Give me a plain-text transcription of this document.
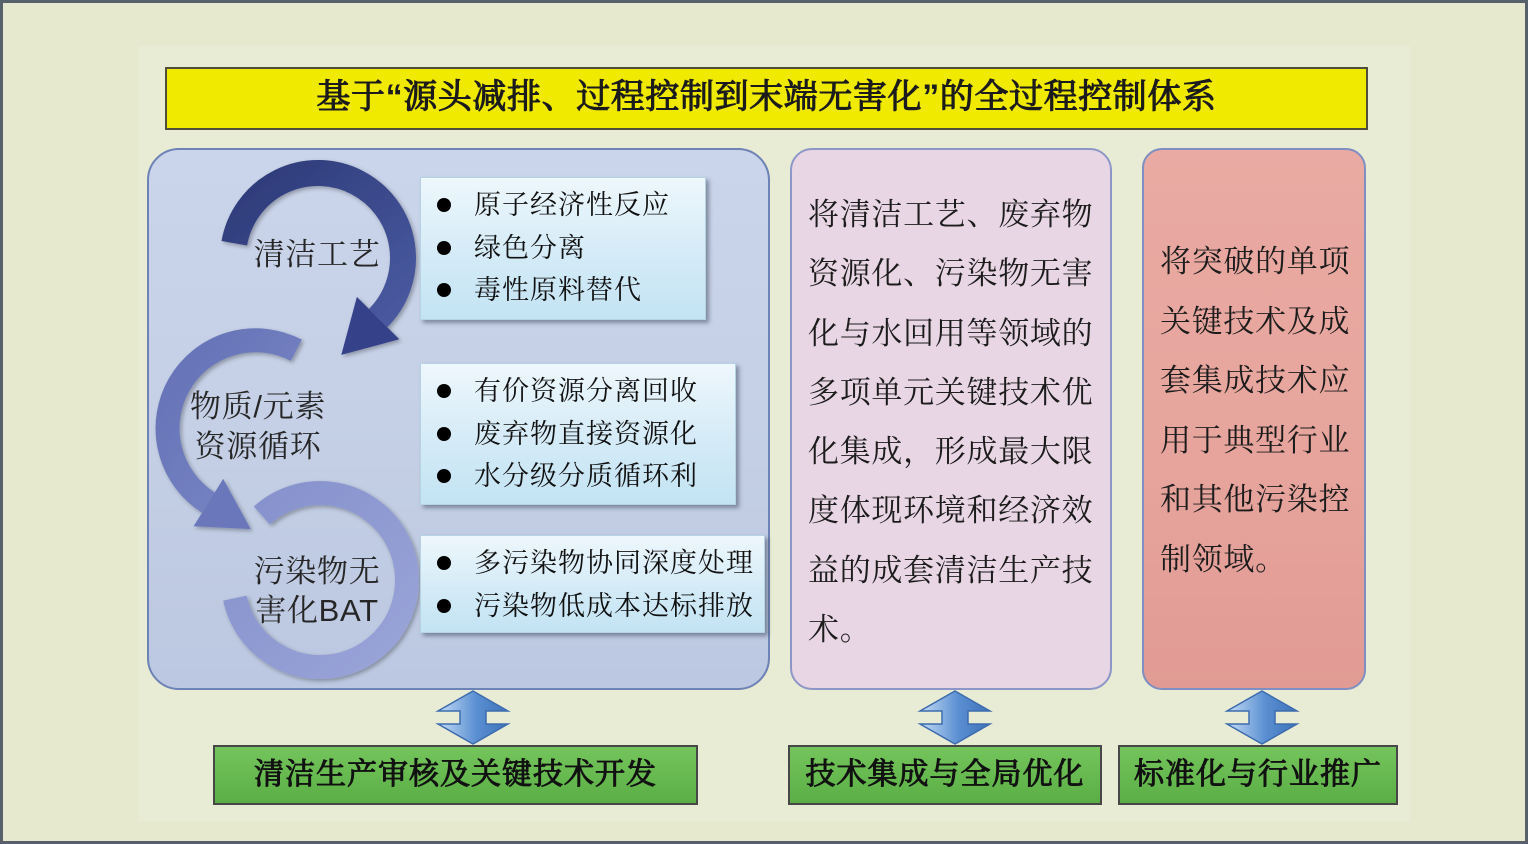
基于“源头减排、过程控制到末端无害化”的全过程控制体系
清洁工艺
物质/元素
资源循环
污染物无
害化BAT
原子经济性反应
绿色分离
毒性原料替代
有价资源分离回收
废弃物直接资源化
水分级分质循环利
多污染物协同深度处理
污染物低成本达标排放
将清洁工艺、废弃物
资源化、污染物无害
化与水回用等领域的
多项单元关键技术优
化集成，形成最大限
度体现环境和经济效
益的成套清洁生产技
术。
将突破的单项
关键技术及成
套集成技术应
用于典型行业
和其他污染控
制领域。
清洁生产审核及关键技术开发	技术集成与全局优化	标准化与行业推广
